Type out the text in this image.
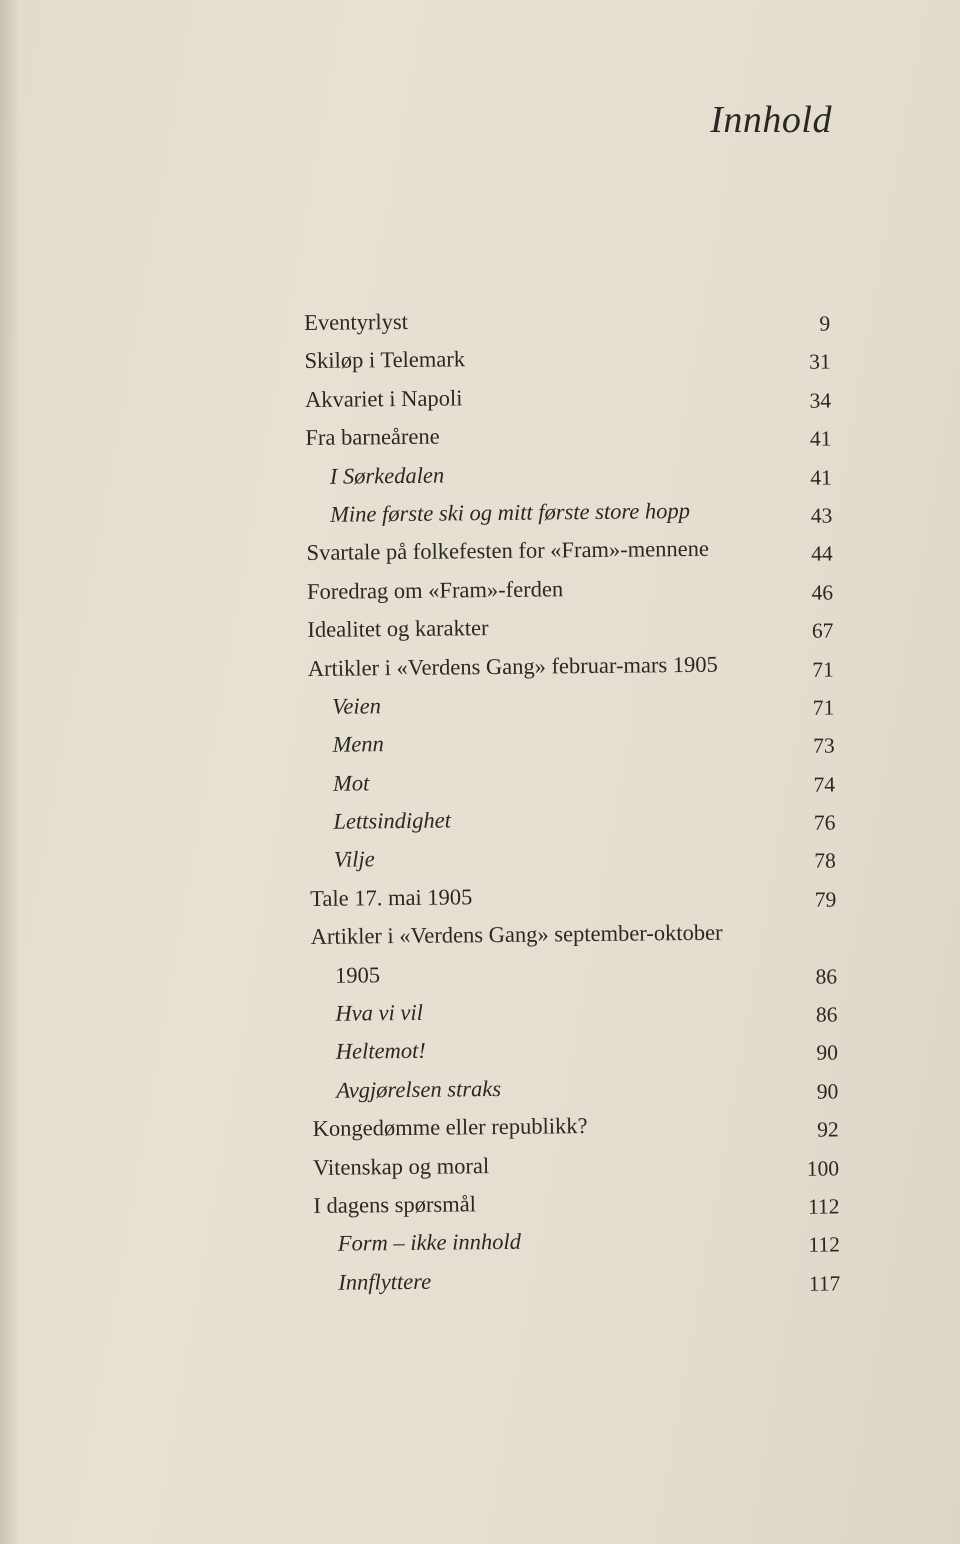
Innhold
Eventyrlyst	9
Skiløp i Telemark	31
Akvariet i Napoli	34
Fra barneårene	41
I Sørkedalen	41
Mine første ski og mitt første store hopp	43
Svartale på folkefesten for «Fram»-mennene	44
Foredrag om «Fram»-ferden	46
Idealitet og karakter	67
Artikler i «Verdens Gang» februar-mars 1905	71
Veien	71
Menn	73
Mot	74
Lettsindighet	76
Vilje	78
Tale 17. mai 1905	79
Artikler i «Verdens Gang» september-oktober
1905	86
Hva vi vil	86
Heltemot!	90
Avgjørelsen straks	90
Kongedømme eller republikk?	92
Vitenskap og moral	100
I dagens spørsmål	112
Form – ikke innhold	112
Innflyttere	117
